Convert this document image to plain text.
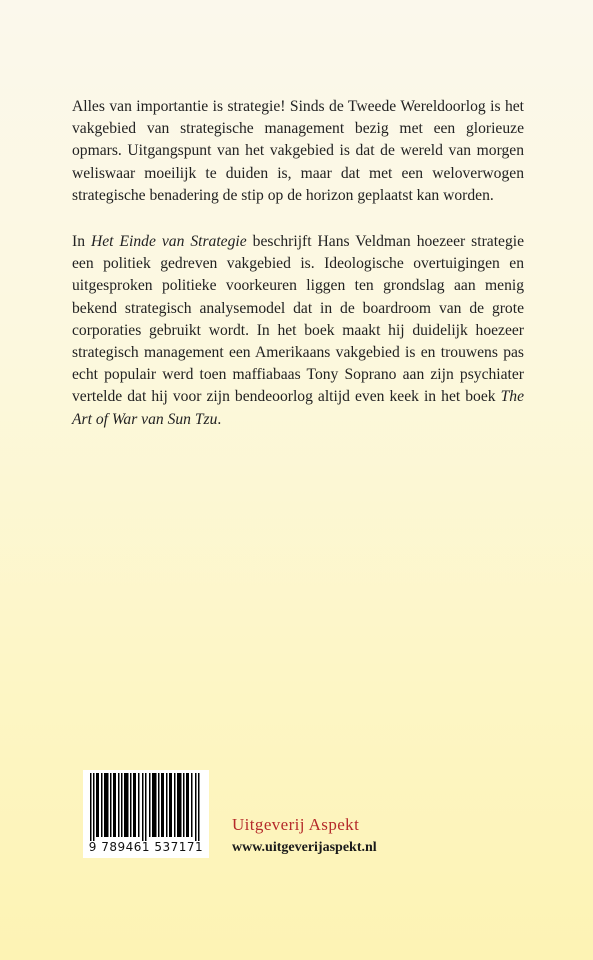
Alles van importantie is strategie! Sinds de Tweede Wereldoorlog is het vakgebied van strategische management bezig met een glorieuze opmars. Uitgangspunt van het vakgebied is dat de wereld van morgen weliswaar moeilijk te duiden is, maar dat met een weloverwogen strategische benadering de stip op de horizon geplaatst kan worden.

In Het Einde van Strategie beschrijft Hans Veldman hoezeer strategie een politiek gedreven vakgebied is. Ideologische overtuigingen en uitgesproken politieke voorkeuren liggen ten grondslag aan menig bekend strategisch analysemodel dat in de boardroom van de grote corporaties gebruikt wordt. In het boek maakt hij duidelijk hoezeer strategisch management een Amerikaans vakgebied is en trouwens pas echt populair werd toen maffiabaas Tony Soprano aan zijn psychiater vertelde dat hij voor zijn bendeoorlog altijd even keek in het boek The Art of War van Sun Tzu.

9 789461 537171
Uitgeverij Aspekt
www.uitgeverijaspekt.nl
